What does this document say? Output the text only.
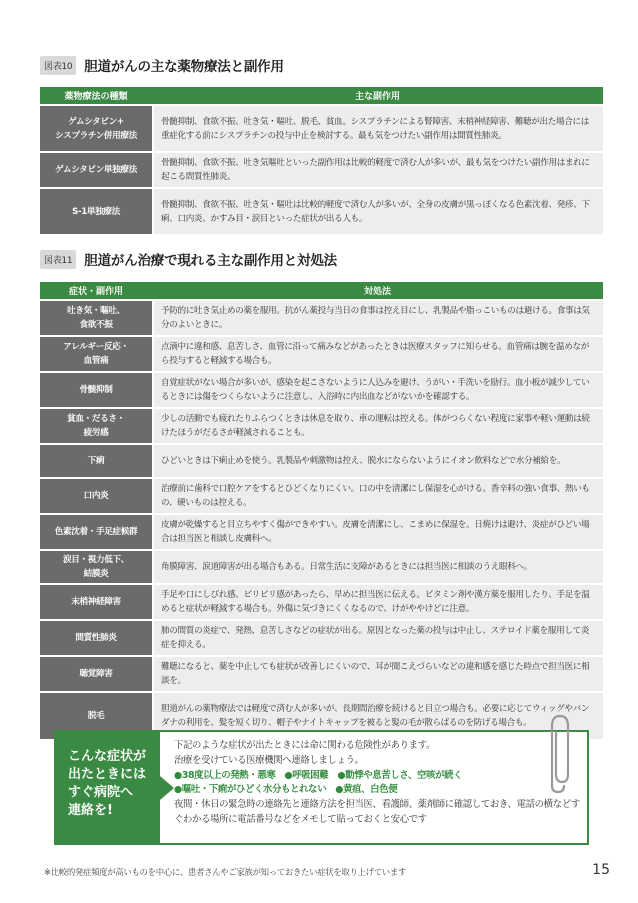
図表10 胆道がんの主な薬物療法と副作用
薬物療法の種類	主な副作用
ゲムシタビン+
シスプラチン併用療法	骨髄抑制、食欲不振、吐き気・嘔吐、脱毛、貧血。シスプラチンによる腎障害、末梢神経障害、難聴が出た場合には重症化する前にシスプラチンの投与中止を検討する。最も気をつけたい副作用は間質性肺炎。
ゲムシタビン単独療法	骨髄抑制、食欲不振、吐き気嘔吐といった副作用は比較的軽度で済む人が多いが、最も気をつけたい副作用はまれに起こる間質性肺炎。
S-1単独療法	骨髄抑制、食欲不振、吐き気・嘔吐は比較的軽度で済む人が多いが、全身の皮膚が黒っぽくなる色素沈着、発疹、下痢、口内炎、かすみ目・涙目といった症状が出る人も。
図表11 胆道がん治療で現れる主な副作用と対処法
症状・副作用	対処法
吐き気・嘔吐、
食欲不振	予防的に吐き気止めの薬を服用。抗がん薬投与当日の食事は控え目にし、乳製品や脂っこいものは避ける。食事は気分のよいときに。
アレルギー反応・
血管痛	点滴中に違和感、息苦しさ、血管に沿って痛みなどがあったときは医療スタッフに知らせる。血管痛は腕を温めながら投与すると軽減する場合も。
骨髄抑制	自覚症状がない場合が多いが、感染を起こさないように人込みを避け、うがい・手洗いを励行。血小板が減少しているときには傷をつくらないように注意し、入浴時に内出血などがないかを確認する。
貧血・だるさ・
疲労感	少しの活動でも疲れたりふらつくときは休息を取り、車の運転は控える。体がつらくない程度に家事や軽い運動は続けたほうがだるさが軽減されることも。
下痢	ひどいときは下痢止めを使う。乳製品や刺激物は控え、脱水にならないようにイオン飲料などで水分補給を。
口内炎	治療前に歯科で口腔ケアをするとひどくなりにくい。口の中を清潔にし保湿を心がける。香辛料の強い食事、熱いもの、硬いものは控える。
色素沈着・手足症候群	皮膚が乾燥すると目立ちやすく傷ができやすい。皮膚を清潔にし、こまめに保湿を。日焼けは避け、炎症がひどい場合は担当医と相談し皮膚科へ。
涙目・視力低下、
結膜炎	角膜障害、涙道障害が出る場合もある。日常生活に支障があるときには担当医に相談のうえ眼科へ。
末梢神経障害	手足や口にしびれ感、ピリピリ感があったら、早めに担当医に伝える。ビタミン剤や漢方薬を服用したり、手足を温めると症状が軽減する場合も。外傷に気づきにくくなるので、けがややけどに注意。
間質性肺炎	肺の間質の炎症で、発熱、息苦しさなどの症状が出る。原因となった薬の投与は中止し、ステロイド薬を服用して炎症を抑える。
聴覚障害	難聴になると、薬を中止しても症状が改善しにくいので、耳が聞こえづらいなどの違和感を感じた時点で担当医に相談を。
脱毛	胆道がんの薬物療法では軽度で済む人が多いが、長期間治療を続けると目立つ場合も。必要に応じてウィッグやバンダナの利用を。髪を短く切り、帽子やナイトキャップを被ると髪の毛が散らばるのを防げる場合も。
こんな症状が
出たときには
すぐ病院へ
連絡を!
下記のような症状が出たときには命に関わる危険性があります。
治療を受けている医療機関へ連絡しましょう。
●38度以上の発熱・悪寒　●呼吸困難　●動悸や息苦しさ、空咳が続く
●嘔吐・下痢がひどく水分もとれない　●黄疸、白色便
夜間・休日の緊急時の連絡先と連絡方法を担当医、看護師、薬剤師に確認しておき、電話の横などすぐわかる場所に電話番号などをメモして貼っておくと安心です
※比較的発症頻度が高いものを中心に、患者さんやご家族が知っておきたい症状を取り上げています	15
